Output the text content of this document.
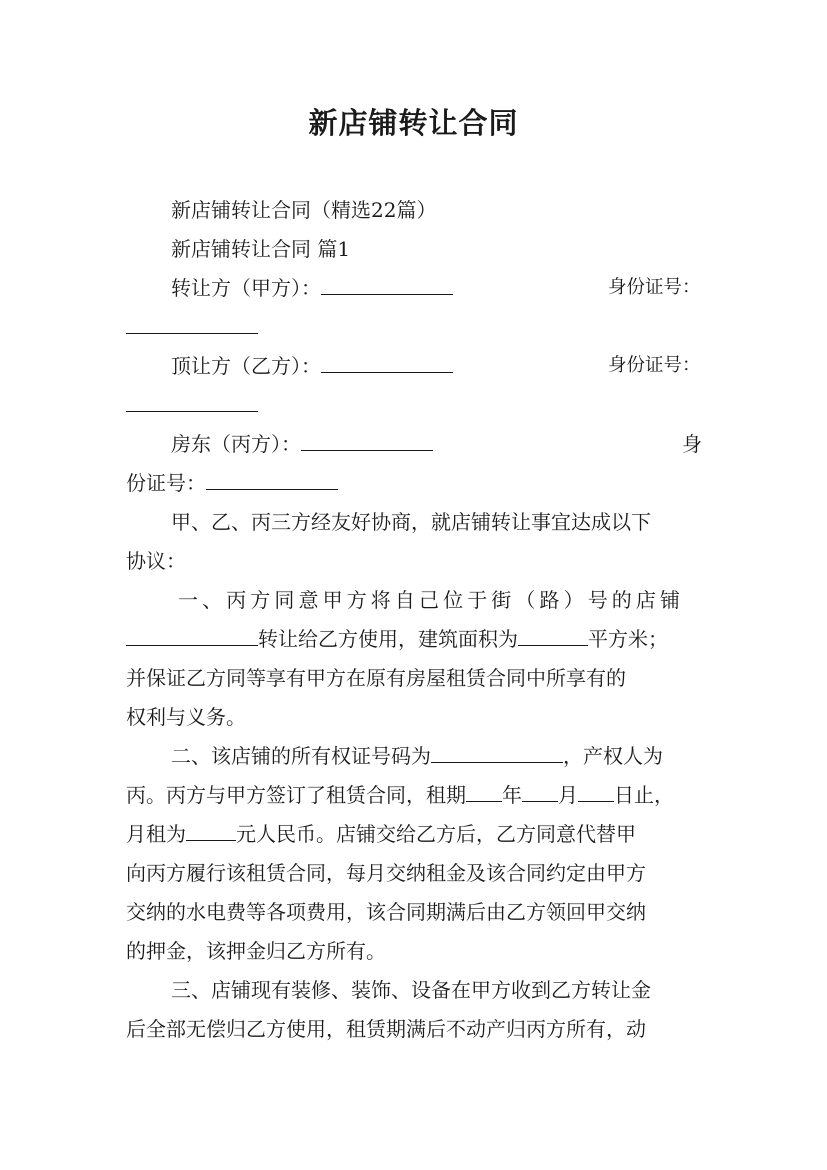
新店铺转让合同
新店铺转让合同（精选22篇）
新店铺转让合同 篇1
转让方（甲方）：	身份证号：
顶让方（乙方）：	身份证号：
房东（丙方）：	身
份证号：
甲、乙、丙三方经友好协商，就店铺转让事宜达成以下
协议：
一、丙方同意甲方将自己位于街（路）号的店铺
转让给乙方使用，建筑面积为	平方米；
并保证乙方同等享有甲方在原有房屋租赁合同中所享有的
权利与义务。
二、该店铺的所有权证号码为	，产权人为
丙。丙方与甲方签订了租赁合同，租期 年 月 日止，
月租为	元人民币。店铺交给乙方后，乙方同意代替甲
向丙方履行该租赁合同，每月交纳租金及该合同约定由甲方
交纳的水电费等各项费用，该合同期满后由乙方领回甲交纳
的押金，该押金归乙方所有。
三、店铺现有装修、装饰、设备在甲方收到乙方转让金
后全部无偿归乙方使用，租赁期满后不动产归丙方所有，动
